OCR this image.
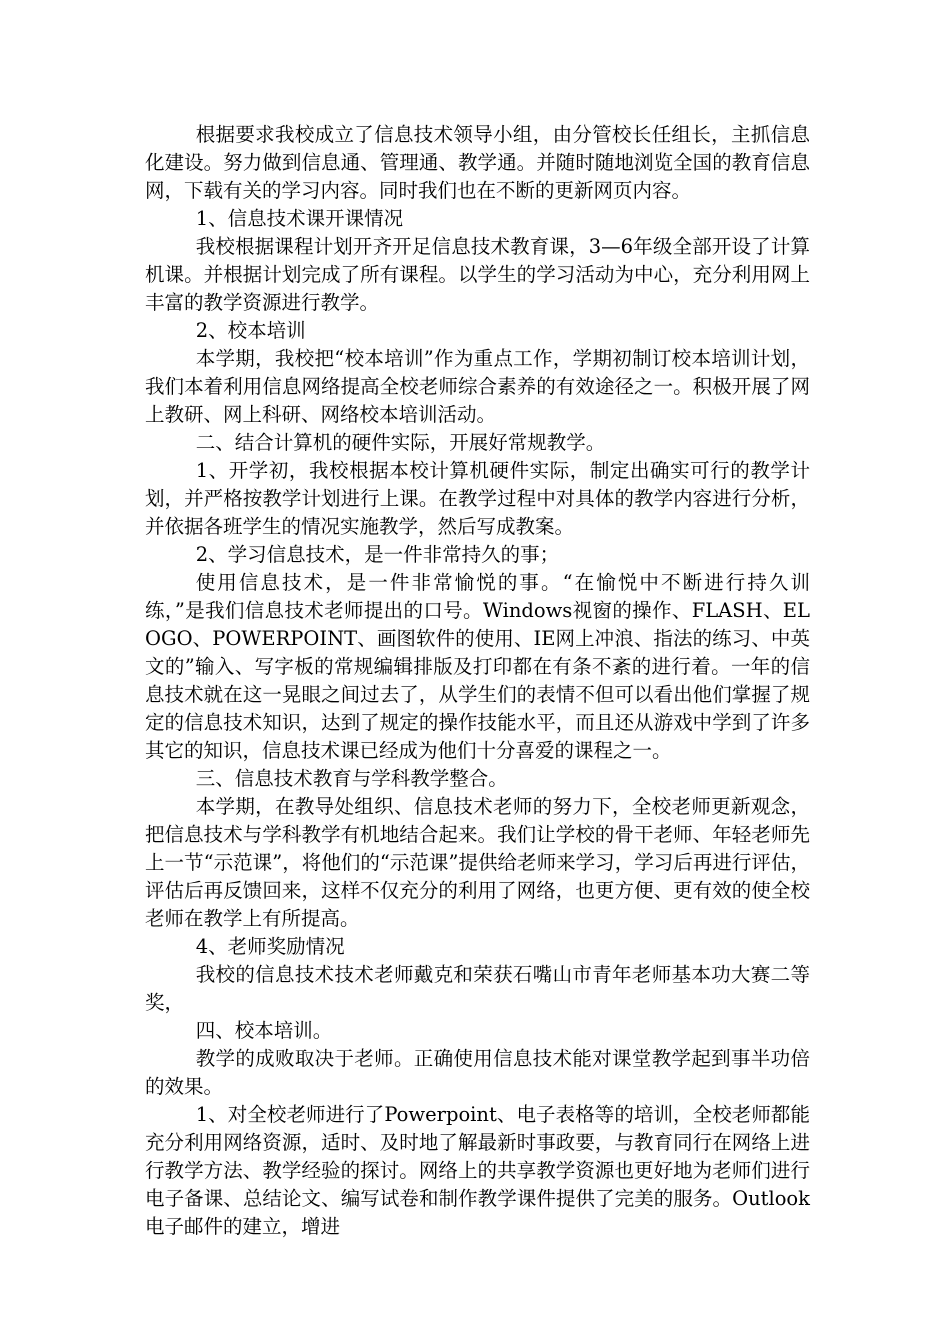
根据要求我校成立了信息技术领导小组，由分管校长任组长，主抓信息化建设。努力做到信息通、管理通、教学通。并随时随地浏览全国的教育信息网，下载有关的学习内容。同时我们也在不断的更新网页内容。

1、信息技术课开课情况

我校根据课程计划开齐开足信息技术教育课，3—6年级全部开设了计算机课。并根据计划完成了所有课程。以学生的学习活动为中心，充分利用网上丰富的教学资源进行教学。

2、校本培训

本学期，我校把“校本培训”作为重点工作，学期初制订校本培训计划，我们本着利用信息网络提高全校老师综合素养的有效途径之一。积极开展了网上教研、网上科研、网络校本培训活动。

二、结合计算机的硬件实际，开展好常规教学。

1、开学初，我校根据本校计算机硬件实际，制定出确实可行的教学计划，并严格按教学计划进行上课。在教学过程中对具体的教学内容进行分析，并依据各班学生的情况实施教学，然后写成教案。

2、学习信息技术，是一件非常持久的事；

使用信息技术，是一件非常愉悦的事。“在愉悦中不断进行持久训练，”是我们信息技术老师提出的口号。Windows视窗的操作、FLASH、ELOGO、POWERPOINT、画图软件的使用、IE网上冲浪、指法的练习、中英文的”输入、写字板的常规编辑排版及打印都在有条不紊的进行着。一年的信息技术就在这一晃眼之间过去了，从学生们的表情不但可以看出他们掌握了规定的信息技术知识，达到了规定的操作技能水平，而且还从游戏中学到了许多其它的知识，信息技术课已经成为他们十分喜爱的课程之一。

三、信息技术教育与学科教学整合。

本学期，在教导处组织、信息技术老师的努力下，全校老师更新观念，把信息技术与学科教学有机地结合起来。我们让学校的骨干老师、年轻老师先上一节“示范课”，将他们的“示范课”提供给老师来学习，学习后再进行评估，评估后再反馈回来，这样不仅充分的利用了网络，也更方便、更有效的使全校老师在教学上有所提高。

4、老师奖励情况

我校的信息技术技术老师戴克和荣获石嘴山市青年老师基本功大赛二等奖，

四、校本培训。

教学的成败取决于老师。正确使用信息技术能对课堂教学起到事半功倍的效果。

1、对全校老师进行了Powerpoint、电子表格等的培训，全校老师都能充分利用网络资源，适时、及时地了解最新时事政要，与教育同行在网络上进行教学方法、教学经验的探讨。网络上的共享教学资源也更好地为老师们进行电子备课、总结论文、编写试卷和制作教学课件提供了完美的服务。Outlook电子邮件的建立，增进
